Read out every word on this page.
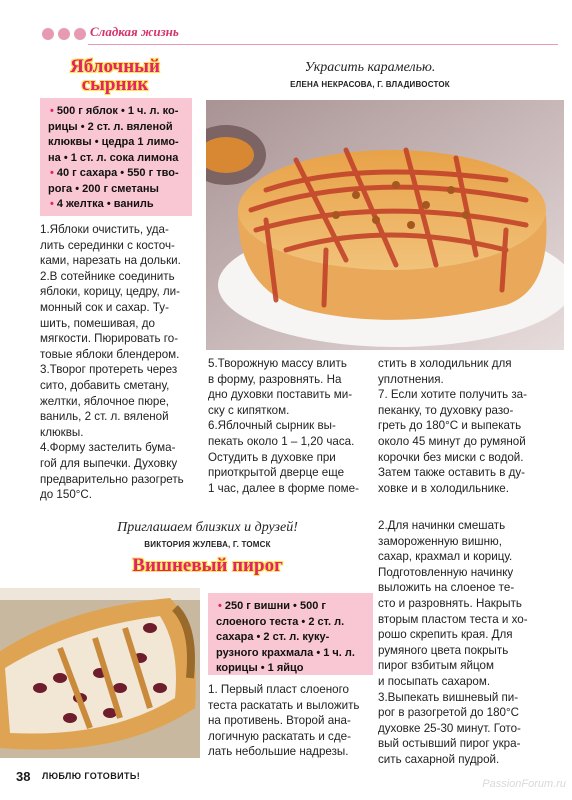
Сладкая жизнь
Яблочный
сырник
• 500 г яблок • 1 ч. л. ко-
рицы • 2 ст. л. вяленой
клюквы • цедра 1 лимо-
на • 1 ст. л. сока лимона
• 40 г сахара • 550 г тво-
рога • 200 г сметаны
• 4 желтка • ваниль
Украсить карамелью.
ЕЛЕНА НЕКРАСОВА, Г. ВЛАДИВОСТОК

1.Яблоки очистить, уда-

лить серединки с косточ-

ками, нарезать на дольки.

2.В сотейнике соединить

яблоки, корицу, цедру, ли-

монный сок и сахар. Ту-

шить, помешивая, до

мягкости. Пюрировать го-

товые яблоки блендером.

3.Творог протереть через

сито, добавить сметану,

желтки, яблочное пюре,

ваниль, 2 ст. л. вяленой

клюквы.

4.Форму застелить бума-

гой для выпечки. Духовку

предварительно разогреть

до 150°С.

5.Творожную массу влить

в форму, разровнять. На

дно духовки поставить ми-

ску с кипятком.

6.Яблочный сырник вы-

пекать около 1 – 1,20 часа.

Остудить в духовке при

приоткрытой дверце еще

1 час, далее в форме поме-

стить в холодильник для

уплотнения.

7. Если хотите получить за-

пеканку, то духовку разо-

греть до 180°С и выпекать

около 45 минут до румяной

корочки без миски с водой.

Затем также оставить в ду-

ховке и в холодильнике.

Приглашаем близких и друзей!
ВИКТОРИЯ ЖУЛЕВА, Г. ТОМСК
Вишневый пирог
• 250 г вишни • 500 г
слоеного теста • 2 ст. л.
сахара • 2 ст. л. куку-
рузного крахмала • 1 ч. л.
корицы • 1 яйцо

1. Первый пласт слоеного

теста раскатать и выложить

на противень. Второй ана-

логичную раскатать и сде-

лать небольшие надрезы.

2.Для начинки смешать

замороженную вишню,

сахар, крахмал и корицу.

Подготовленную начинку

выложить на слоеное те-

сто и разровнять. Накрыть

вторым пластом теста и хо-

рошо скрепить края. Для

румяного цвета покрыть

пирог взбитым яйцом

и посыпать сахаром.

3.Выпекать вишневый пи-

рог в разогретой до 180°С

духовке 25-30 минут. Гото-

вый остывший пирог укра-

сить сахарной пудрой.

38 ЛЮБЛЮ ГОТОВИТЬ!
PassionForum.ru
